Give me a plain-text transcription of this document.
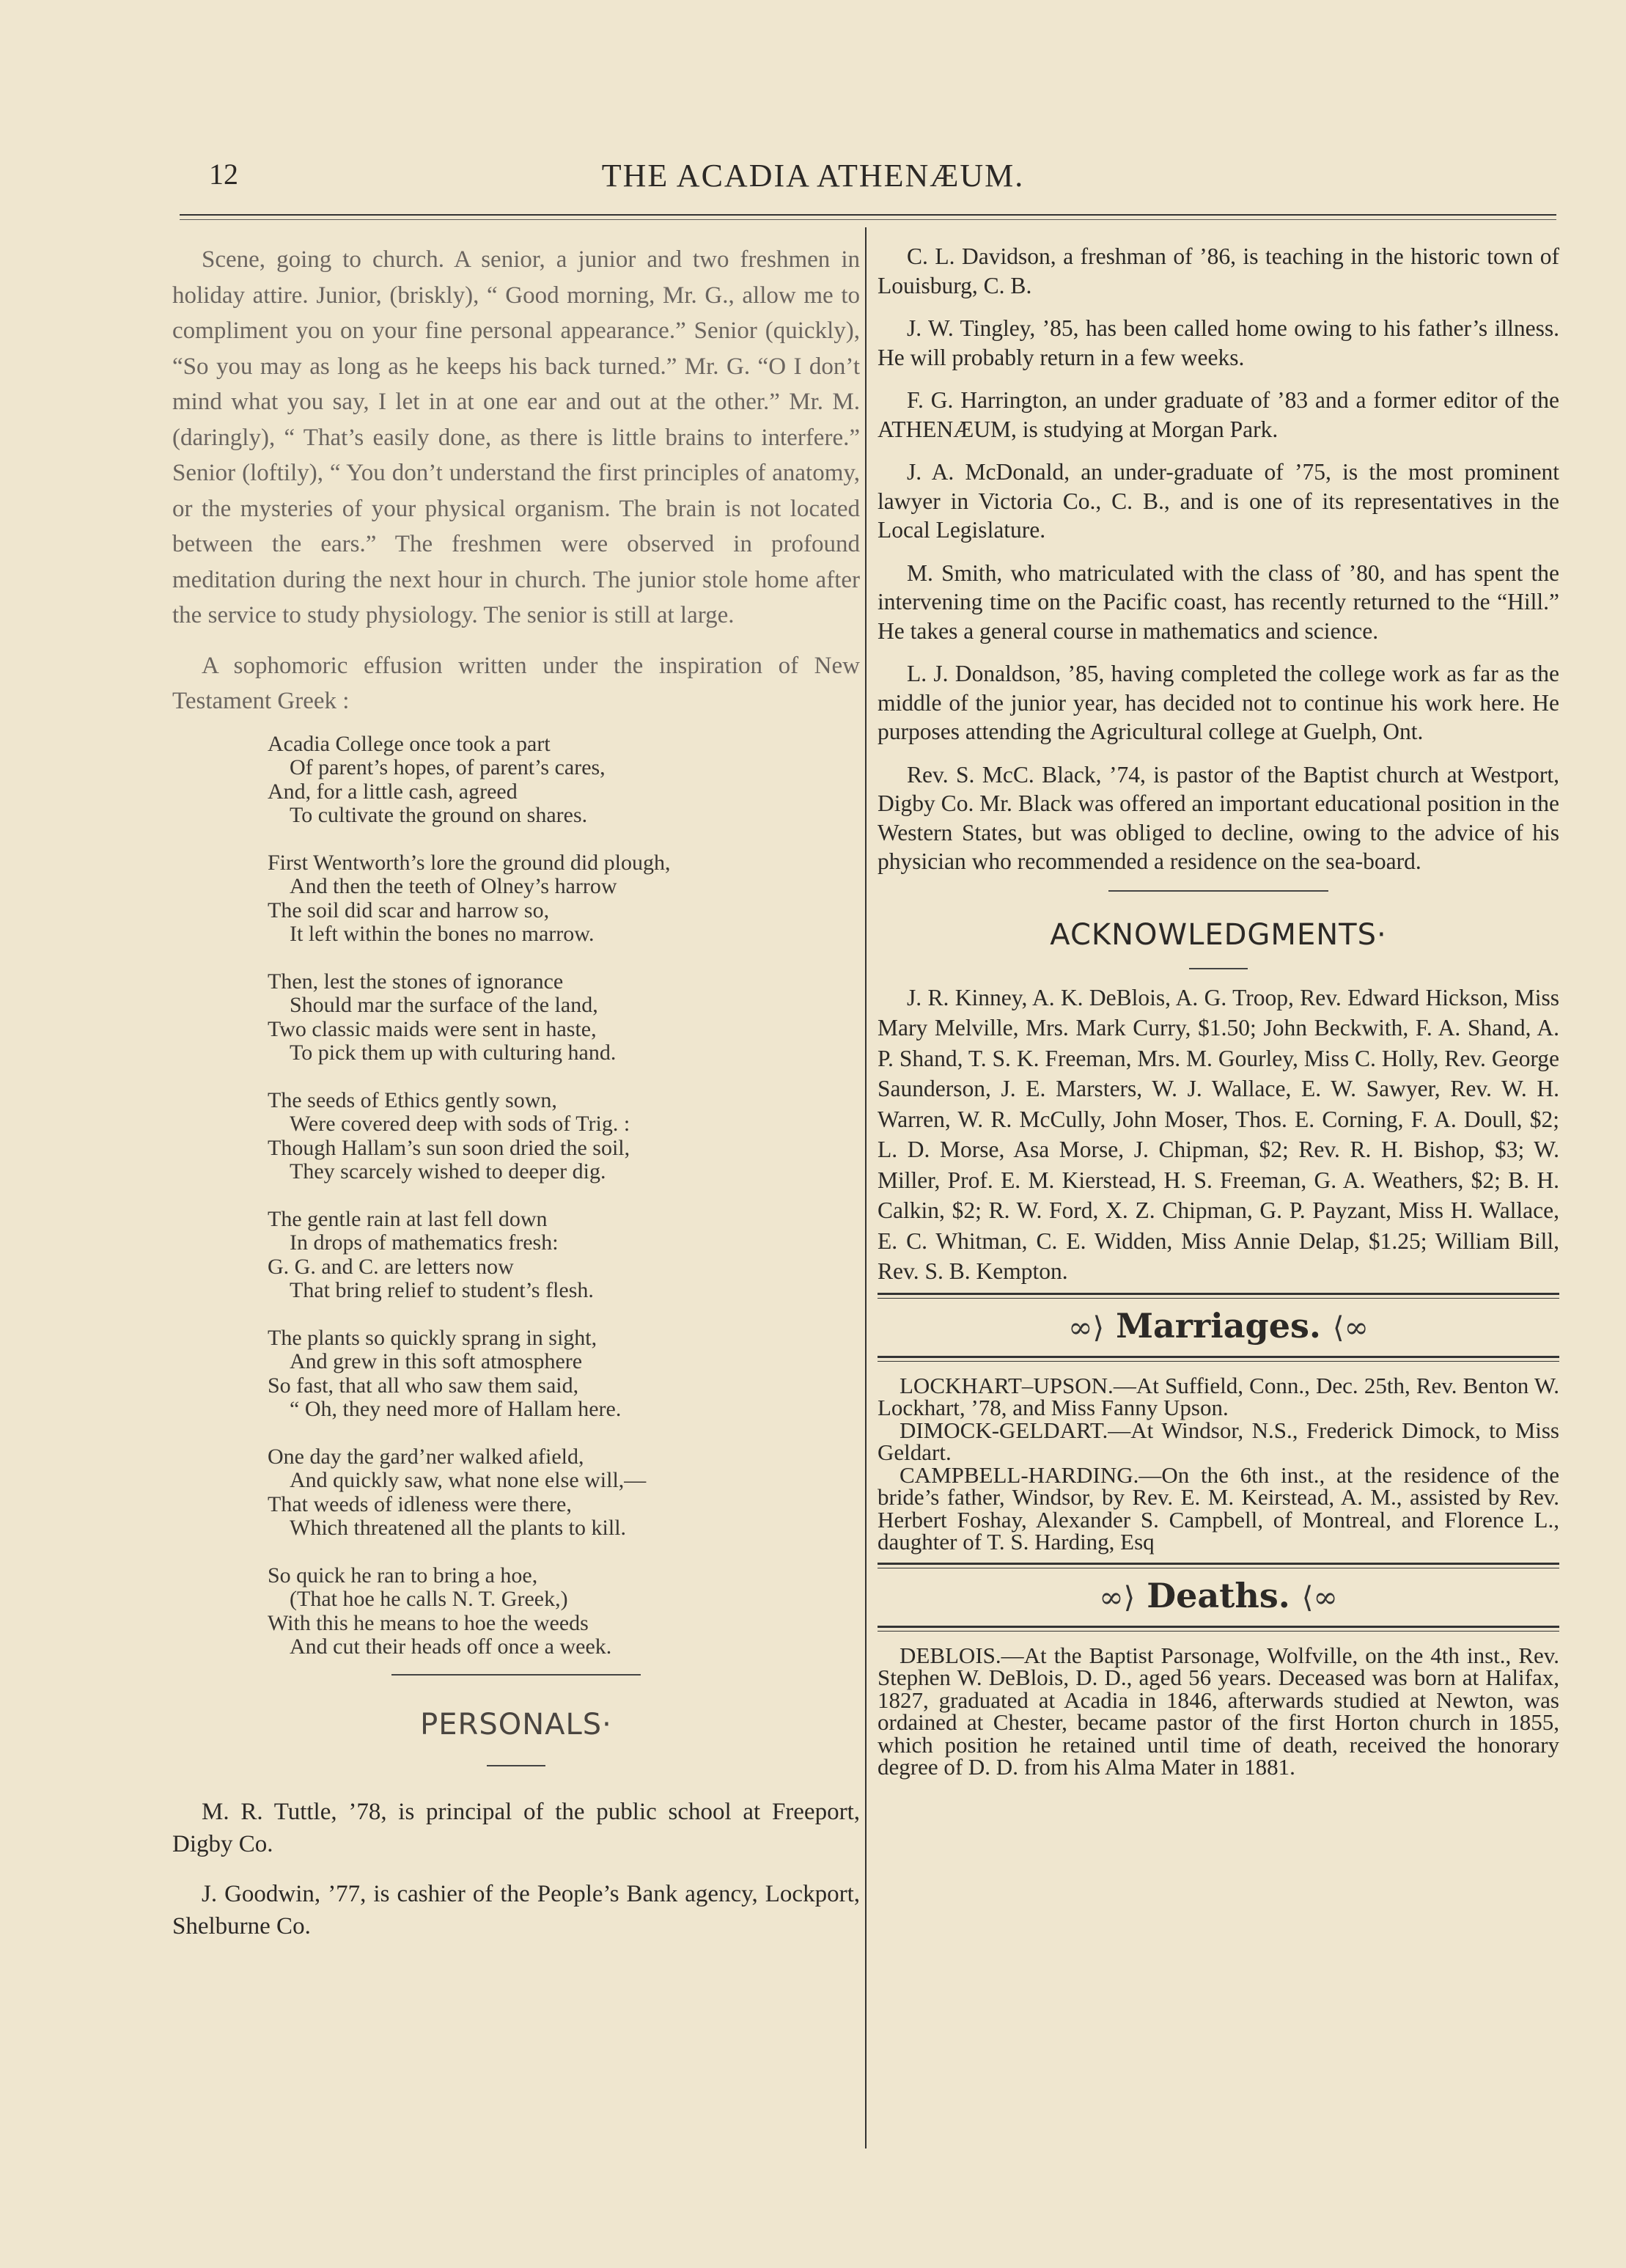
12	THE ACADIA ATHENÆUM.

Scene, going to church. A senior, a junior and two freshmen in holiday attire. Junior, (briskly), “ Good morning, Mr. G., allow me to compliment you on your fine personal appearance.” Senior (quickly), “So you may as long as he keeps his back turned.” Mr. G. “O I don’t mind what you say, I let in at one ear and out at the other.” Mr. M. (daringly), “ That’s easily done, as there is little brains to interfere.” Senior (loftily), “ You don’t understand the first principles of anatomy, or the mysteries of your physical organism. The brain is not located between the ears.” The freshmen were observed in profound meditation during the next hour in church. The junior stole home after the service to study physiology. The senior is still at large.

A sophomoric effusion written under the inspiration of New Testament Greek :

Acadia College once took a part
Of parent’s hopes, of parent’s cares,
And, for a little cash, agreed
To cultivate the ground on shares.
First Wentworth’s lore the ground did plough,
And then the teeth of Olney’s harrow
The soil did scar and harrow so,
It left within the bones no marrow.
Then, lest the stones of ignorance
Should mar the surface of the land,
Two classic maids were sent in haste,
To pick them up with culturing hand.
The seeds of Ethics gently sown,
Were covered deep with sods of Trig. :
Though Hallam’s sun soon dried the soil,
They scarcely wished to deeper dig.
The gentle rain at last fell down
In drops of mathematics fresh:
G. G. and C. are letters now
That bring relief to student’s flesh.
The plants so quickly sprang in sight,
And grew in this soft atmosphere
So fast, that all who saw them said,
“ Oh, they need more of Hallam here.
One day the gard’ner walked afield,
And quickly saw, what none else will,—
That weeds of idleness were there,
Which threatened all the plants to kill.
So quick he ran to bring a hoe,
(That hoe he calls N. T. Greek,)
With this he means to hoe the weeds
And cut their heads off once a week.
PERSONALS·

M. R. Tuttle, ’78, is principal of the public school at Freeport, Digby Co.

J. Goodwin, ’77, is cashier of the People’s Bank agency, Lockport, Shelburne Co.

C. L. Davidson, a freshman of ’86, is teaching in the historic town of Louisburg, C. B.

J. W. Tingley, ’85, has been called home owing to his father’s illness. He will probably return in a few weeks.

F. G. Harrington, an under graduate of ’83 and a former editor of the ATHENÆUM, is studying at Morgan Park.

J. A. McDonald, an under-graduate of ’75, is the most prominent lawyer in Victoria Co., C. B., and is one of its representatives in the Local Legislature.

M. Smith, who matriculated with the class of ’80, and has spent the intervening time on the Pacific coast, has recently returned to the “Hill.” He takes a general course in mathematics and science.

L. J. Donaldson, ’85, having completed the college work as far as the middle of the junior year, has decided not to continue his work here. He purposes attending the Agricultural college at Guelph, Ont.

Rev. S. McC. Black, ’74, is pastor of the Baptist church at Westport, Digby Co. Mr. Black was offered an important educational position in the Western States, but was obliged to decline, owing to the advice of his physician who recommended a residence on the sea-board.

ACKNOWLEDGMENTS·

J. R. Kinney, A. K. DeBlois, A. G. Troop, Rev. Edward Hickson, Miss Mary Melville, Mrs. Mark Curry, $1.50; John Beckwith, F. A. Shand, A. P. Shand, T. S. K. Freeman, Mrs. M. Gourley, Miss C. Holly, Rev. George Saunderson, J. E. Marsters, W. J. Wallace, E. W. Sawyer, Rev. W. H. Warren, W. R. McCully, John Moser, Thos. E. Corning, F. A. Doull, $2; L. D. Morse, Asa Morse, J. Chipman, $2; Rev. R. H. Bishop, $3; W. Miller, Prof. E. M. Kierstead, H. S. Freeman, G. A. Weathers, $2; B. H. Calkin, $2; R. W. Ford, X. Z. Chipman, G. P. Payzant, Miss H. Wallace, E. C. Whitman, C. E. Widden, Miss Annie Delap, $1.25; William Bill, Rev. S. B. Kempton.

∞⟩ Marriages. ⟨∞

LOCKHART–UPSON.—At Suffield, Conn., Dec. 25th, Rev. Benton W. Lockhart, ’78, and Miss Fanny Upson.

DIMOCK-GELDART.—At Windsor, N.S., Frederick Dimock, to Miss Geldart.

CAMPBELL-HARDING.—On the 6th inst., at the residence of the bride’s father, Windsor, by Rev. E. M. Keirstead, A. M., assisted by Rev. Herbert Foshay, Alexander S. Campbell, of Montreal, and Florence L., daughter of T. S. Harding, Esq

∞⟩ Deaths. ⟨∞

DEBLOIS.—At the Baptist Parsonage, Wolfville, on the 4th inst., Rev. Stephen W. DeBlois, D. D., aged 56 years. Deceased was born at Halifax, 1827, graduated at Acadia in 1846, afterwards studied at Newton, was ordained at Chester, became pastor of the first Horton church in 1855, which position he retained until time of death, received the honorary degree of D. D. from his Alma Mater in 1881.
